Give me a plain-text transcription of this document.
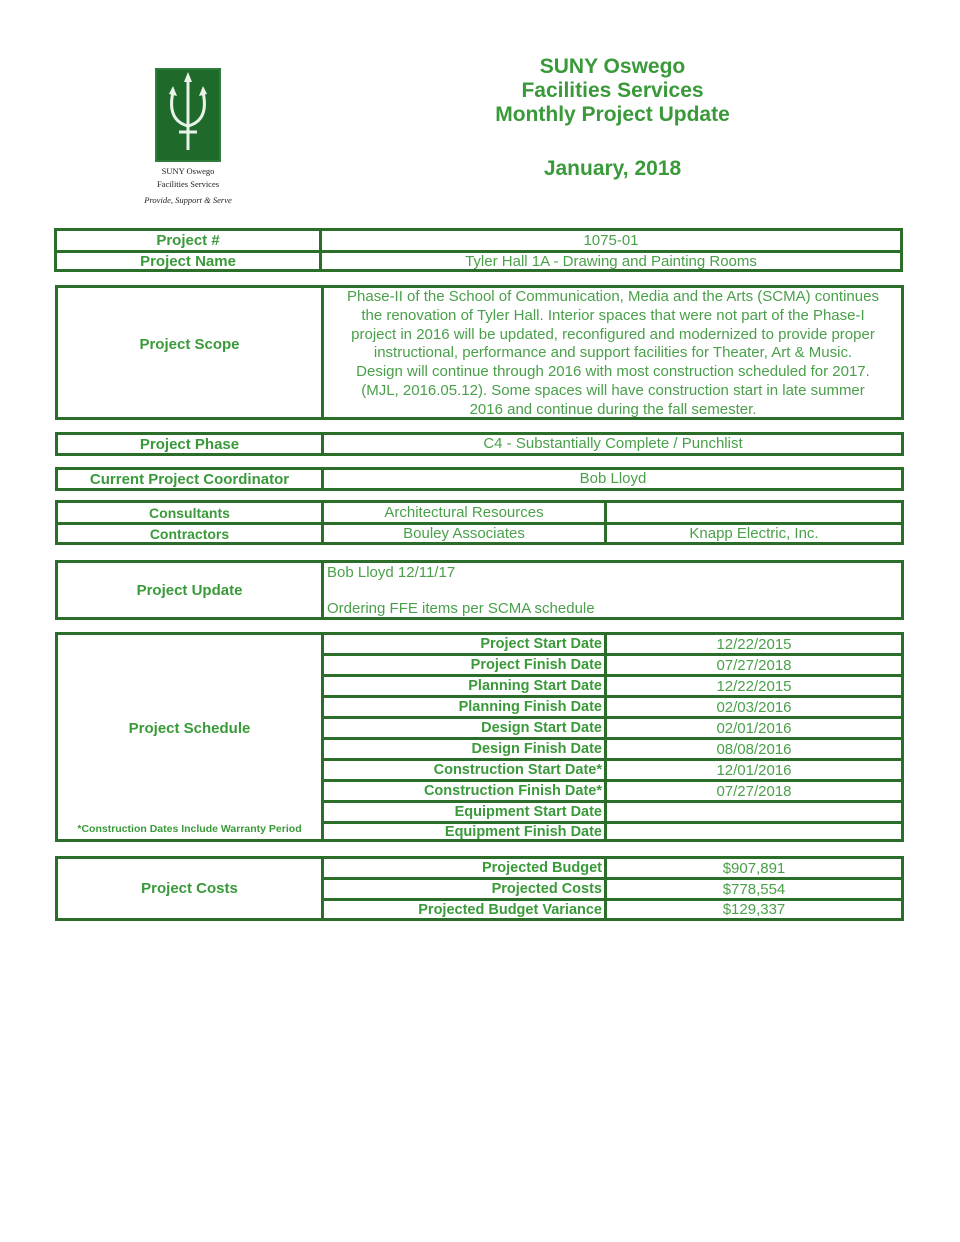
SUNY Oswego
Facilities Services
Provide, Support & Serve
SUNY Oswego
Facilities Services
Monthly Project Update
January, 2018
Project #	1075-01
Project Name	Tyler Hall 1A - Drawing and Painting Rooms
Project Scope
Phase-II of the School of Communication, Media and the Arts (SCMA) continues
the renovation of Tyler Hall. Interior spaces that were not part of the Phase-I
project in 2016 will be updated, reconfigured and modernized to provide proper
instructional, performance and support facilities for Theater, Art & Music.
Design will continue through 2016 with most construction scheduled for 2017.
(MJL, 2016.05.12). Some spaces will have construction start in late summer
2016 and continue during the fall semester.
Project Phase	C4 - Substantially Complete / Punchlist
Current Project Coordinator	Bob Lloyd
Consultants	Architectural Resources
Contractors	Bouley Associates	Knapp Electric, Inc.
Project Update
Bob Lloyd 12/11/17
Ordering FFE items per SCMA schedule
Project Schedule
*Construction Dates Include Warranty Period
Project Start Date	12/22/2015
Project Finish Date	07/27/2018
Planning Start Date	12/22/2015
Planning Finish Date	02/03/2016
Design Start Date	02/01/2016
Design Finish Date	08/08/2016
Construction Start Date*	12/01/2016
Construction Finish Date*	07/27/2018
Equipment Start Date
Equipment Finish Date
Project Costs
Projected Budget	$907,891
Projected Costs	$778,554
Projected Budget Variance	$129,337
